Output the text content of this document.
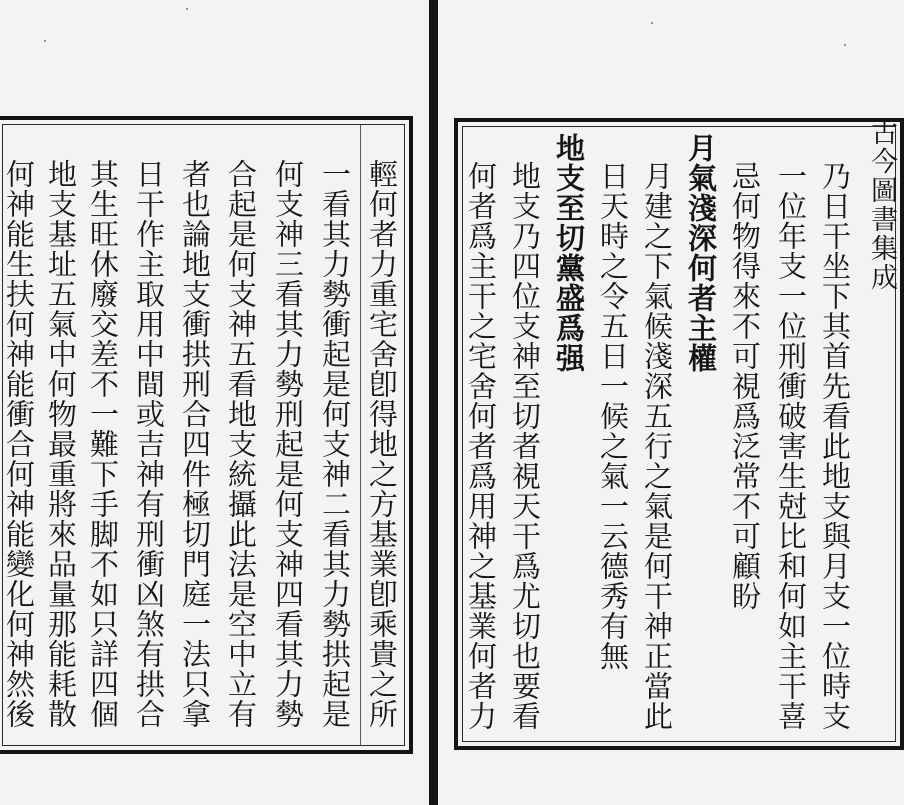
輕何者力重宅舍卽得地之方基業卽乘貴之所
一看其力勢衝起是何支神二看其力勢拱起是
何支神三看其力勢刑起是何支神四看其力勢
合起是何支神五看地支統攝此法是空中立有
者也論地支衝拱刑合四件極切門庭一法只拿
日干作主取用中間或吉神有刑衝凶煞有拱合
其生旺休廢交差不一難下手脚不如只詳四個
地支基址五氣中何物最重將來品量那能耗散
何神能生扶何神能衝合何神能變化何神然後	乃日干坐下其首先看此地支與月支一位時支
一位年支一位刑衝破害生尅比和何如主干喜
忌何物得來不可視爲泛常不可顧盼
月氣淺深何者主權
月建之下氣候淺深五行之氣是何干神正當此
日天時之令五日一候之氣一云德秀有無
地支至切黨盛爲强
地支乃四位支神至切者視天干爲尤切也要看
何者爲主干之宅舍何者爲用神之基業何者力	古今圖書集成
